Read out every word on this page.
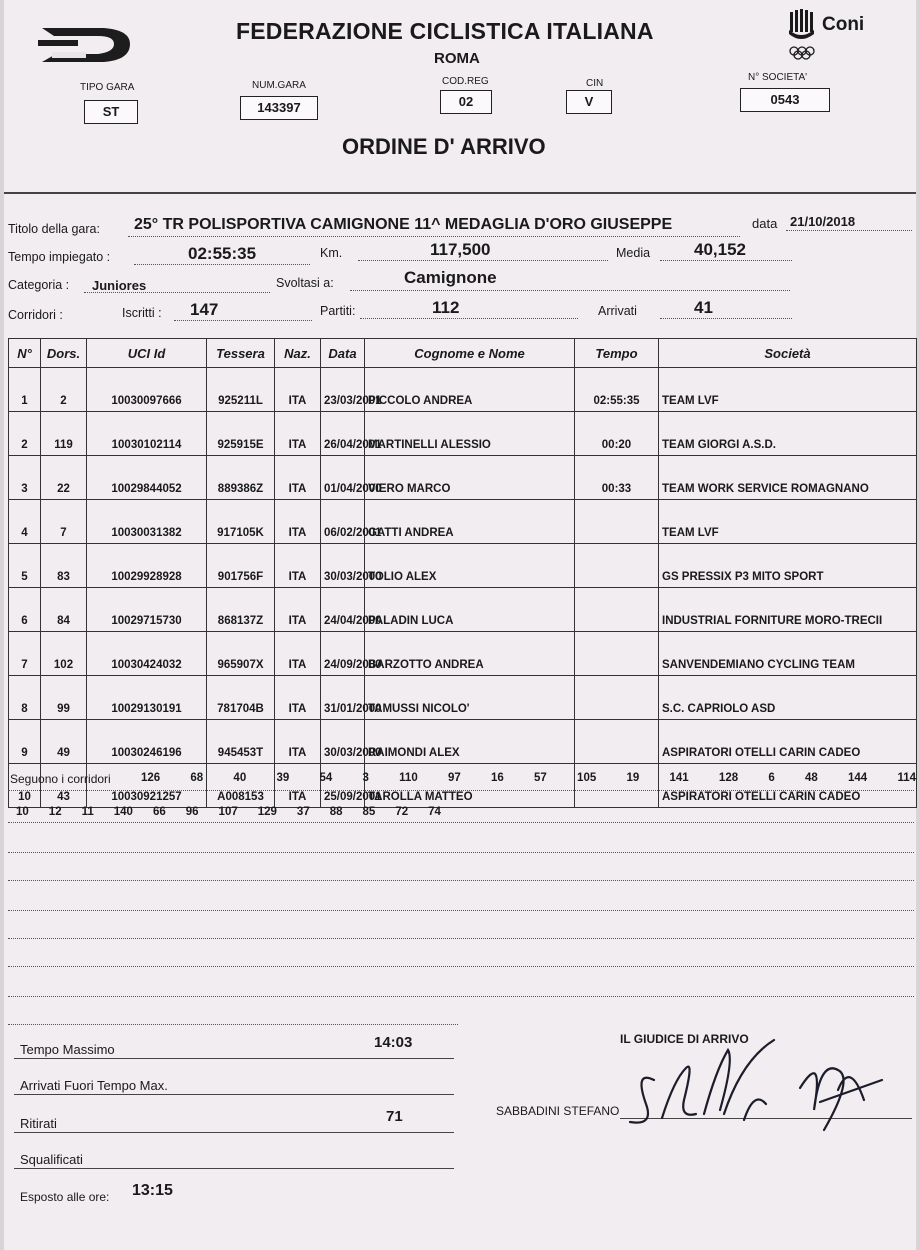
FEDERAZIONE CICLISTICA ITALIANA
ROMA
Coni
TIPO GARA
ST
NUM.GARA
143397
COD.REG
02
CIN
V
N° SOCIETA'
0543
ORDINE D' ARRIVO
Titolo della gara: 25° TR POLISPORTIVA CAMIGNONE 11^ MEDAGLIA D'ORO GIUSEPPE	data 21/10/2018
Tempo impiegato :	02:55:35	Km.	117,500	Media	40,152
Categoria : Juniores	Svoltasi a:	Camignone
Corridori :	Iscritti : 147	Partiti:	112	Arrivati	41
N°	Dors.	UCI Id	Tessera	Naz.	Data	Cognome e Nome	Tempo	Società
1	2	10030097666	925211L	ITA	23/03/2001	PICCOLO ANDREA	02:55:35	TEAM LVF
2	119	10030102114	925915E	ITA	26/04/2001	MARTINELLI ALESSIO	00:20	TEAM GIORGI A.S.D.
3	22	10029844052	889386Z	ITA	01/04/2000	VIERO MARCO	00:33	TEAM WORK SERVICE ROMAGNANO
4	7	10030031382	917105K	ITA	06/02/2001	GATTI ANDREA		TEAM LVF
5	83	10029928928	901756F	ITA	30/03/2000	TOLIO ALEX		GS PRESSIX P3 MITO SPORT
6	84	10029715730	868137Z	ITA	24/04/2000	PALADIN LUCA		INDUSTRIAL FORNITURE MORO-TRECII
7	102	10030424032	965907X	ITA	24/09/2000	BARZOTTO ANDREA		SANVENDEMIANO CYCLING TEAM
8	99	10029130191	781704B	ITA	31/01/2000	TAMUSSI NICOLO'		S.C. CAPRIOLO ASD
9	49	10030246196	945453T	ITA	30/03/2000	RAIMONDI ALEX		ASPIRATORI OTELLI CARIN CADEO
10	43	10030921257	A008153	ITA	25/09/2001	TAROLLA MATTEO		ASPIRATORI OTELLI CARIN CADEO
Seguono i corridori	126	68	40	39	54	3	110	97	16	57	105	19	141	128	6	48	144	114
10 12 11 140 66 96 107 129 37 88 85 72 74
Tempo Massimo	14:03
Arrivati Fuori Tempo Max.
Ritirati	71
Squalificati
Esposto alle ore: 13:15
IL GIUDICE DI ARRIVO
SABBADINI STEFANO
